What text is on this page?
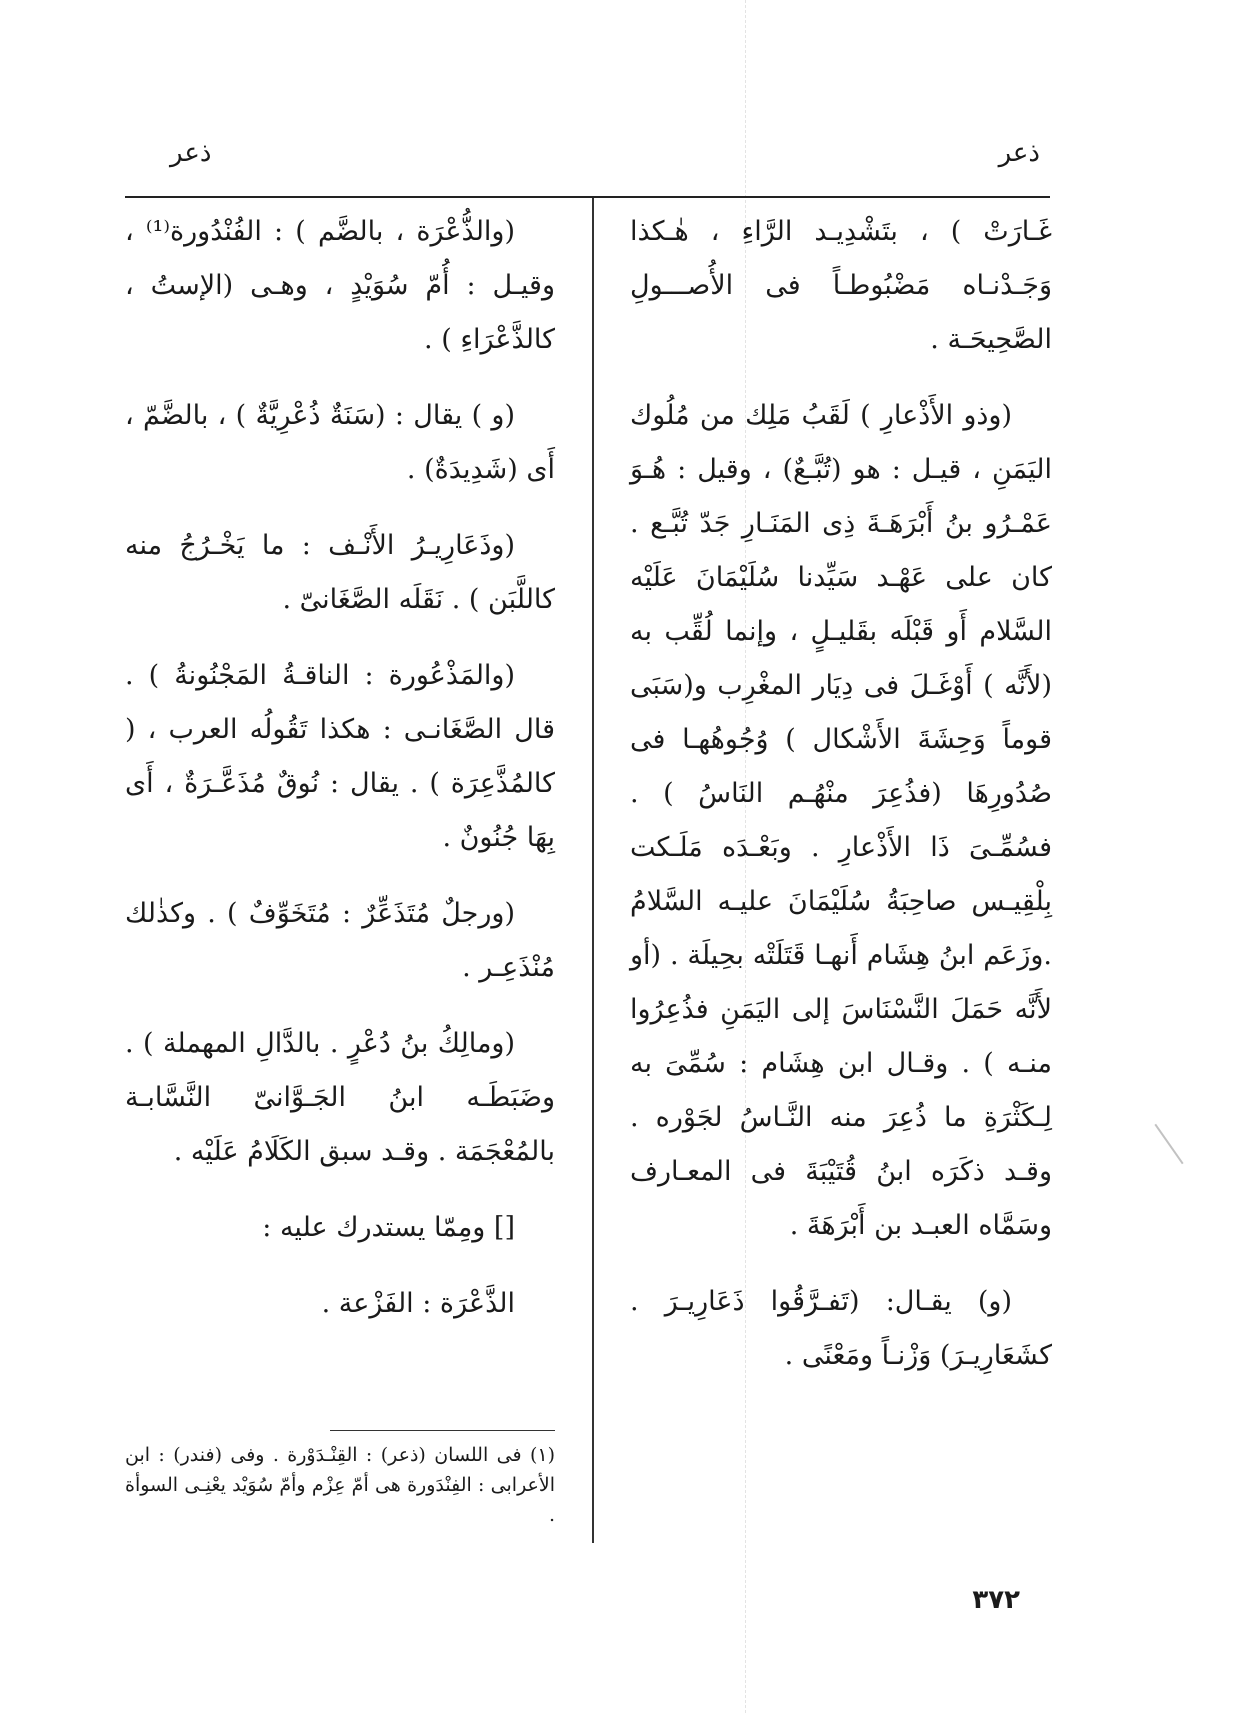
ذعر
ذعر

غَـارَتْ ) ، بتَشْدِيـد الرَّاءِ ، هٰـكذا وَجَـدْنـاه مَضْبُوطـاً فى الأُصـــولِ الصَّحِيحَـة .

(وذو الأَذْعارِ ) لَقَبُ مَلِك من مُلُوك اليَمَنِ ، قيـل : هو (تُبَّـعٌ) ، وقيل : هُـوَ عَمْـرُو بنُ أَبْرَهَـةَ ذِى المَنَـارِ جَدّ تُبَّـع . كان على عَهْـد سَيِّدنا سُلَيْمَانَ عَلَيْه السَّلام أَو قَبْلَه بقَليـلٍ ، وإنما لُقِّب به (لأَنَّه ) أَوْغَـلَ فى دِيَار المغْرِب و(سَبَى قوماً وَحِشَةَ الأَشْكال ) وُجُوهُهـا فى صُدُورِهَا (فذُعِرَ منْهُـم النَاسُ ) . فسُمِّـىَ ذَا الأَذْعارِ . وبَعْـدَه مَلَـكت بِلْقِيـس صاحِبَةُ سُلَيْمَانَ عليـه السَّلامُ .وزَعَم ابنُ هِشَام أَنهـا قَتَلَتْه بحِيلَة . (أو لأَنَّه حَمَلَ النَّسْنَاسَ إلى اليَمَنِ فذُعِرُوا منـه ) . وقـال ابن هِشَام : سُمِّىَ به لِـكَثْرَةِ ما ذُعِرَ منه النَّـاسُ لجَوْره . وقـد ذكَرَه ابنُ قُتَيْبَةَ فى المعـارف وسَمَّاه العبـد بن أَبْرَهَةَ .

(و) يقـال: (تَفـرَّقُوا ذَعَارِيـرَ . كشَعَارِيـرَ) وَزْنـاً ومَعْنًى .

(والذُّعْرَة ، بالضَّم ) : الفُنْدُورة⁽¹⁾ ، وقيـل : أُمّ سُوَيْدٍ ، وهـى (الإستُ ، كالذَّعْرَاءِ ) .

(و ) يقال : (سَنَةٌ ذُعْرِيَّةٌ ) ، بالضَّمّ ، أَى (شَدِيدَةٌ) .

(وذَعَارِيـرُ الأَنْـف : ما يَخْـرُجُ منه كاللَّبَن ) . نَقَلَه الصَّغَانىّ .

(والمَذْعُورة : الناقـةُ المَجْنُونةُ ) . قال الصَّغَانـى : هكذا تَقُولُه العرب ، ( كالمُذَّعِرَة ) . يقال : نُوقٌ مُذَعَّـرَةٌ ، أَى بِهَا جُنُونٌ .

(ورجلٌ مُتَذَعِّرٌ : مُتَخَوِّفٌ ) . وكذٰلك مُنْذَعِـر .

(ومالِكُ بنُ دُعْرٍ . بالدَّالِ المهملة ) . وضَبَطَـه ابنُ الجَـوَّانىّ النَّسَّابـة بالمُعْجَمَة . وقـد سبق الكَلَامُ عَلَيْه .

[] ومِمّا يستدرك عليه :

الذَّعْرَة : الفَزْعة .

(١) فى اللسان (ذعر) : القِنْـدَوْرة . وفى (فندر) : ابن الأعرابى : الفِنْدَورة هى أمّ عِزْم وأمّ سُوَيْد يعْنِـى السوأة .
٣٧٢
